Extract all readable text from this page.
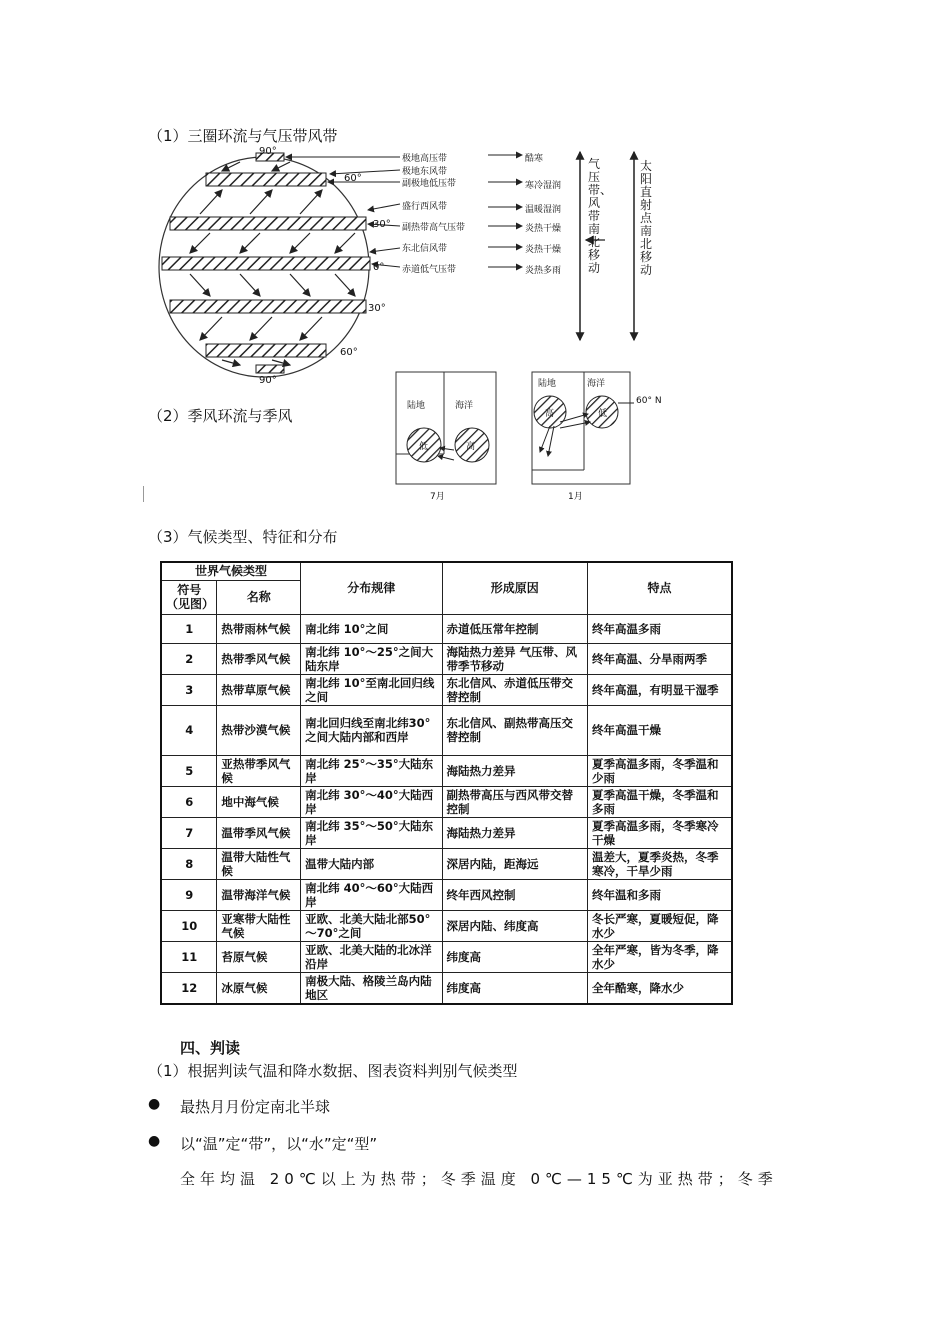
（1）三圈环流与气压带风带
90°
60°
30°
0°
30°
60°
90°
极地高压带
极地东风带
副极地低压带
盛行西风带
副热带高气压带
东北信风带
赤道低气压带
酷寒
寒冷湿润
温暖湿润
炎热干燥
炎热干燥
炎热多雨
气压带、风带南北移动
太阳直射点南北移动
（2）季风环流与季风
陆地	海洋
低	高
7月
陆地	海洋
高	低
60° N
1月
（3）气候类型、特征和分布
世界气候类型		分布规律	形成原因	特点
符号（见图）	名称			
1	热带雨林气候	南北纬 10°之间	赤道低压常年控制	终年高温多雨
2	热带季风气候	南北纬 10°～25°之间大陆东岸	海陆热力差异 气压带、风带季节移动	终年高温、分旱雨两季
3	热带草原气候	南北纬 10°至南北回归线之间	东北信风、赤道低压带交替控制	终年高温，有明显干湿季
4	热带沙漠气候	南北回归线至南北纬30°之间大陆内部和西岸	东北信风、副热带高压交替控制	终年高温干燥
5	亚热带季风气候	南北纬 25°～35°大陆东岸	海陆热力差异	夏季高温多雨，冬季温和少雨
6	地中海气候	南北纬 30°～40°大陆西岸	副热带高压与西风带交替控制	夏季高温干燥，冬季温和多雨
7	温带季风气候	南北纬 35°～50°大陆东岸	海陆热力差异	夏季高温多雨，冬季寒冷干燥
8	温带大陆性气候	温带大陆内部	深居内陆，距海远	温差大，夏季炎热，冬季寒冷，干旱少雨
9	温带海洋气候	南北纬 40°～60°大陆西岸	终年西风控制	终年温和多雨
10	亚寒带大陆性气候	亚欧、北美大陆北部50°～70°之间	深居内陆、纬度高	冬长严寒，夏暖短促，降水少
11	苔原气候	亚欧、北美大陆的北冰洋沿岸	纬度高	全年严寒，皆为冬季，降水少
12	冰原气候	南极大陆、格陵兰岛内陆地区	纬度高	全年酷寒，降水少
四、判读
（1）根据判读气温和降水数据、图表资料判别气候类型
● 最热月月份定南北半球
● 以“温”定“带”，以“水”定“型”
全年均温 20℃以上为热带；冬季温度 0℃—15℃为亚热带；冬季
